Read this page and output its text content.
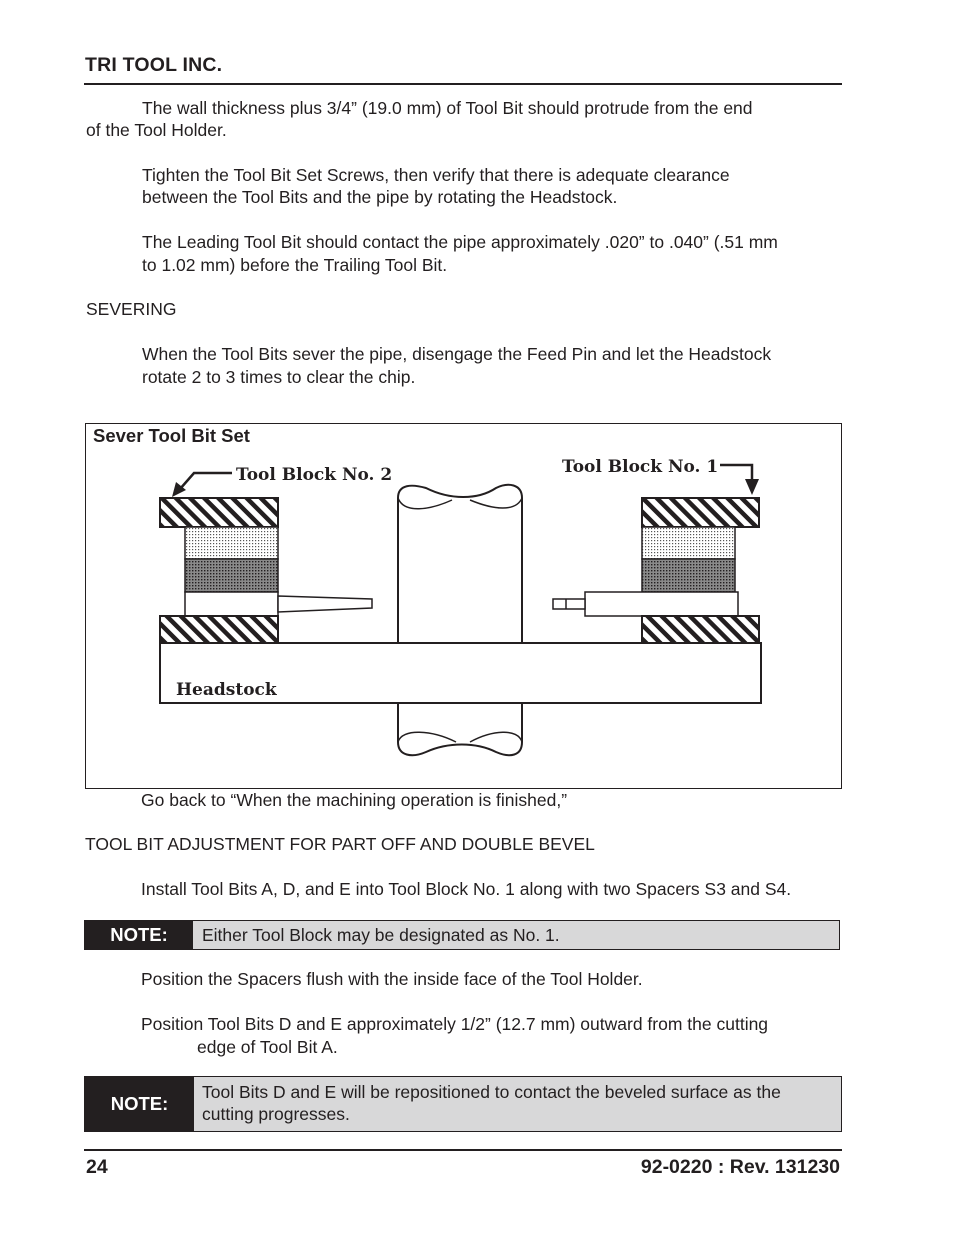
TRI TOOL INC.
The wall thickness plus 3/4” (19.0 mm) of Tool Bit should protrude from the end
of the Tool Holder.
Tighten the Tool Bit Set Screws, then verify that there is adequate clearance
between the Tool Bits and the pipe by rotating the Headstock.
The Leading Tool Bit should contact the pipe approximately .020” to .040” (.51 mm
to 1.02 mm) before the Trailing Tool Bit.
SEVERING
When the Tool Bits sever the pipe, disengage the Feed Pin and let the Headstock
rotate 2 to 3 times to clear the chip.
Sever Tool Bit Set
Headstock
Tool Block No. 2	Tool Block No. 1
Go back to “When the machining operation is finished,”
TOOL BIT ADJUSTMENT FOR PART OFF AND DOUBLE BEVEL
Install Tool Bits A, D, and E into Tool Block No. 1 along with two Spacers S3 and S4.
NOTE:	Either Tool Block may be designated as No. 1.
Position the Spacers flush with the inside face of the Tool Holder.
Position Tool Bits D and E approximately 1/2” (12.7 mm) outward from the cutting
edge of Tool Bit A.
NOTE:
Tool Bits D and E will be repositioned to contact the beveled surface as the
cutting progresses.
24	92-0220 : Rev. 131230
